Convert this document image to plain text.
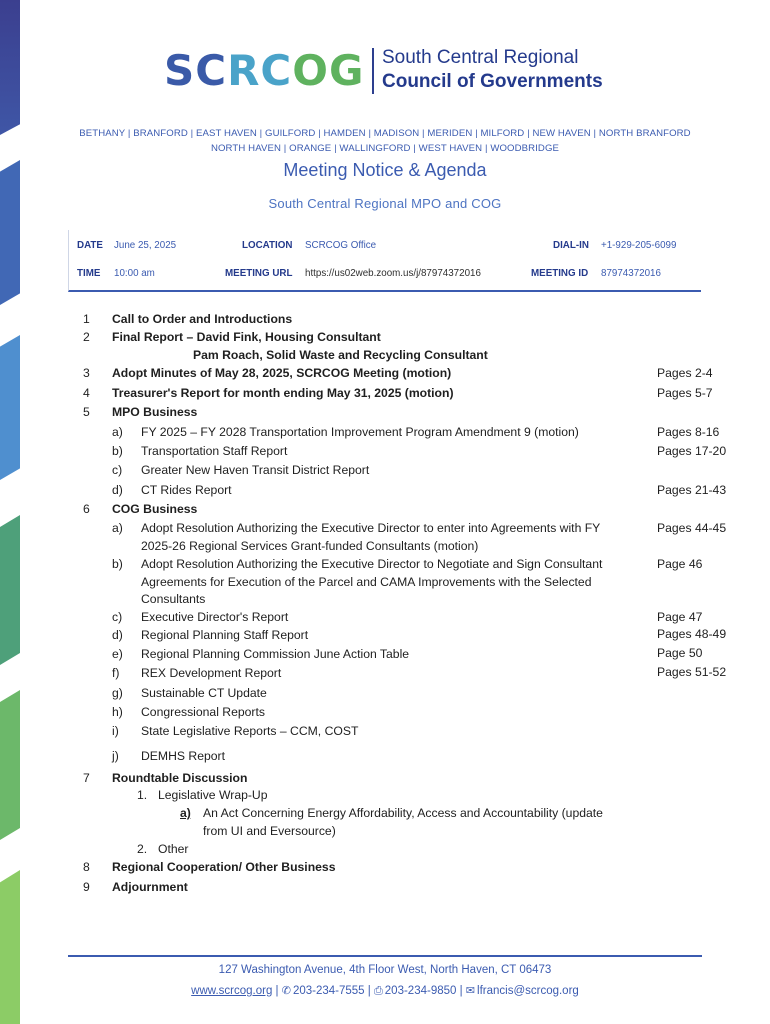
SCRCOG South Central Regional
Council of Governments
BETHANY | BRANFORD | EAST HAVEN | GUILFORD | HAMDEN | MADISON | MERIDEN | MILFORD | NEW HAVEN | NORTH BRANFORD
NORTH HAVEN | ORANGE | WALLINGFORD | WEST HAVEN | WOODBRIDGE
Meeting Notice & Agenda
South Central Regional MPO and COG
DATE June 25, 2025	LOCATION SCRCOG Office	DIAL-IN +1-929-205-6099
TIME 10:00 am	MEETING URL https://us02web.zoom.us/j/87974372016	MEETING ID 87974372016
1	Call to Order and Introductions
2	Final Report – David Fink, Housing Consultant
Pam Roach, Solid Waste and Recycling Consultant
3	Adopt Minutes of May 28, 2025, SCRCOG Meeting (motion)	Pages 2-4
4	Treasurer's Report for month ending May 31, 2025 (motion)	Pages 5-7
5	MPO Business
a) FY 2025 – FY 2028 Transportation Improvement Program Amendment 9 (motion)	Pages 8-16
b) Transportation Staff Report	Pages 17-20
c) Greater New Haven Transit District Report
d) CT Rides Report	Pages 21-43
6	COG Business
a) Adopt Resolution Authorizing the Executive Director to enter into Agreements with FY
2025-26 Regional Services Grant-funded Consultants (motion)
Pages 44-45
b) Adopt Resolution Authorizing the Executive Director to Negotiate and Sign Consultant
Agreements for Execution of the Parcel and CAMA Improvements with the Selected
Consultants
Page 46
c) Executive Director's Report	Page 47
d) Regional Planning Staff Report	Pages 48-49
e) Regional Planning Commission June Action Table	Page 50
f) REX Development Report	Pages 51-52
g) Sustainable CT Update
h) Congressional Reports
i) State Legislative Reports – CCM, COST
j) DEMHS Report
7	Roundtable Discussion
1. Legislative Wrap-Up
a) An Act Concerning Energy Affordability, Access and Accountability (update
from UI and Eversource)
2. Other
8	Regional Cooperation/ Other Business
9	Adjournment
127 Washington Avenue, 4th Floor West, North Haven, CT 06473
www.scrcog.org | ✆ 203-234-7555 | ⎙ 203-234-9850 | ✉ lfrancis@scrcog.org
